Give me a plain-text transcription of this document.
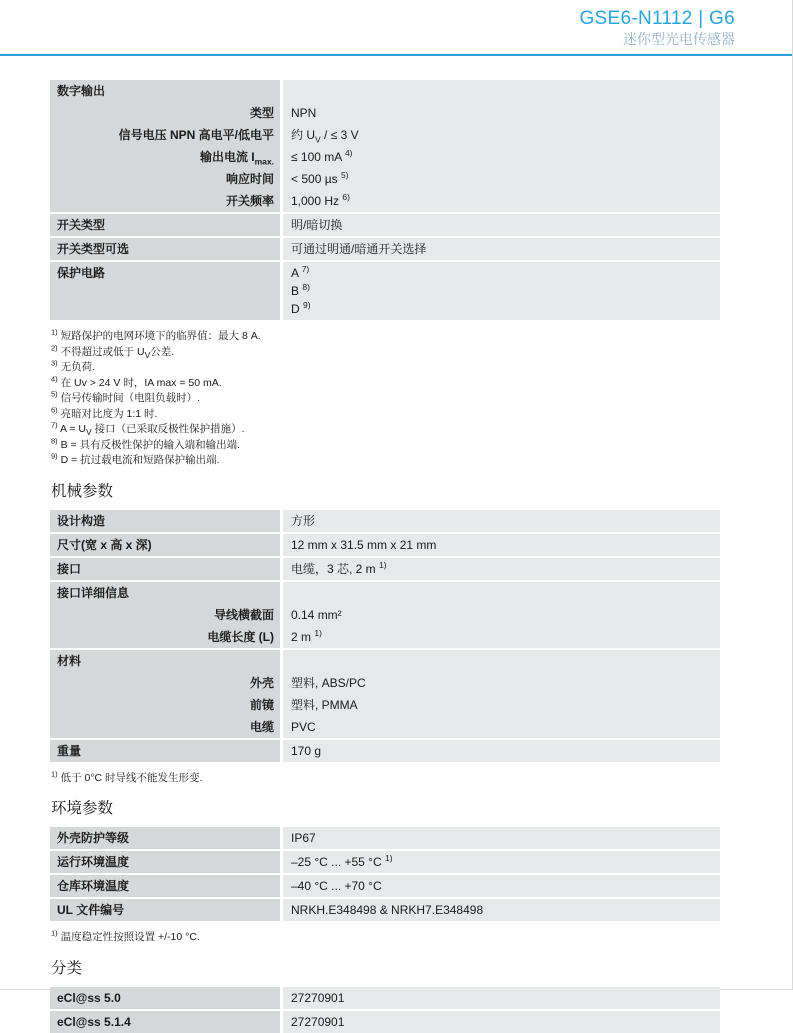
GSE6-N1112 | G6
迷你型光电传感器
数字输出
类型	NPN
信号电压 NPN 高电平/低电平	约 $U_V$ / ≤ 3 V
输出电流 $I_{max.}$	≤ 100 mA $^{4)}$
响应时间	< 500 µs $^{5)}$
开关频率	1,000 Hz $^{6)}$
开关类型	明/暗切换
开关类型可选	可通过明通/暗通开关选择
保护电路	A $^{7)}$
B $^{8)}$
D $^{9)}$
$^{1)}$ 短路保护的电网环境下的临界值：最大 8 A.
$^{2)}$ 不得超过或低于 $U_V$公差.
$^{3)}$ 无负荷.
$^{4)}$ 在 Uv > 24 V 时，IA max = 50 mA.
$^{5)}$ 信号传输时间（电阻负载时）.
$^{6)}$ 亮暗对比度为 1:1 时.
$^{7)}$ $A = U_V$ 接口（已采取反极性保护措施）.
$^{8)}$ B = 具有反极性保护的输入端和输出端.
$^{9)}$ D = 抗过载电流和短路保护输出端.
机械参数
设计构造	方形
尺寸(宽 x 高 x 深)	12 mm x 31.5 mm x 21 mm
接口	电缆，3 芯, 2 m $^{1)}$
接口详细信息
导线横截面	0.14 mm²
电缆长度 (L)	2 m $^{1)}$
材料
外壳	塑料, ABS/PC
前镜	塑料, PMMA
电缆	PVC
重量	170 g
$^{1)}$ 低于 0°C 时导线不能发生形变.
环境参数
外壳防护等级	IP67
运行环境温度	–25 °C ... +55 °C $^{1)}$
仓库环境温度	–40 °C ... +70 °C
UL 文件编号	NRKH.E348498 & NRKH7.E348498
$^{1)}$ 温度稳定性按照设置 +/-10 °C.
分类
eCl@ss 5.0	27270901
eCl@ss 5.1.4	27270901
